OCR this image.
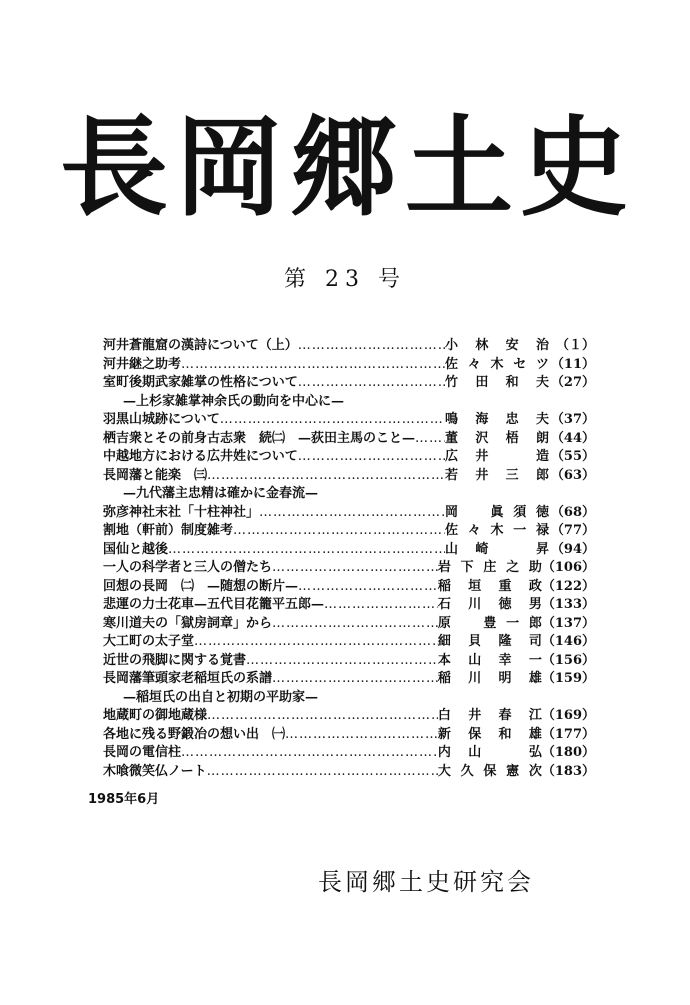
長 岡 郷 土 史
第 23 号
河井蒼龍窟の漢詩について（上） ……………………………………………………………………………………………………………………………………………………………………	小林安治 （１）
河井継之助考 ……………………………………………………………………………………………………………………………………………………………………	佐々木セツ （11）
室町後期武家雑掌の性格について ……………………………………………………………………………………………………………………………………………………………………	竹田和夫 （27）
—上杉家雑掌神余氏の動向を中心に—
羽黒山城跡について ……………………………………………………………………………………………………………………………………………………………………	鳴海忠夫 （37）
栖吉衆とその前身古志衆　続㈡　—荻田主馬のこと— …………………………………………………………………………………………………………………………………………………………………… 董沢梧朗 （44）
中越地方における広井姓について ……………………………………………………………………………………………………………………………………………………………………	広井　造 （55）
長岡藩と能楽　㈢ ……………………………………………………………………………………………………………………………………………………………………	若井三郎 （63）
—九代藩主忠精は確かに金春流—
弥彦神社末社「十柱神社」 ……………………………………………………………………………………………………………………………………………………………………	岡　眞須徳 （68）
割地（軒前）制度雑考 ……………………………………………………………………………………………………………………………………………………………………	佐々木一禄 （77）
国仙と越後 ……………………………………………………………………………………………………………………………………………………………………	山崎　昇 （94）
一人の科学者と三人の僧たち ……………………………………………………………………………………………………………………………………………………………………	岩下庄之助 （106）
回想の長岡　㈡　—随想の断片— ……………………………………………………………………………………………………………………………………………………………………	稲垣重政 （122）
悲運の力士花車—五代目花籠平五郎— ……………………………………………………………………………………………………………………………………………………………………	石川徳男 （133）
寒川道夫の「獄房詞章」から ……………………………………………………………………………………………………………………………………………………………………	原　豊一郎 （137）
大工町の太子堂 ……………………………………………………………………………………………………………………………………………………………………	細貝隆司 （146）
近世の飛脚に関する覚書 ……………………………………………………………………………………………………………………………………………………………………	本山幸一 （156）
長岡藩筆頭家老稲垣氏の系譜 ……………………………………………………………………………………………………………………………………………………………………	稲川明雄 （159）
—稲垣氏の出自と初期の平助家—
地蔵町の御地蔵様 ……………………………………………………………………………………………………………………………………………………………………	白井春江 （169）
各地に残る野鍛冶の想い出　㈠ ……………………………………………………………………………………………………………………………………………………………………	新保和雄 （177）
長岡の電信柱 ……………………………………………………………………………………………………………………………………………………………………	内山　弘 （180）
木喰微笑仏ノート ……………………………………………………………………………………………………………………………………………………………………	大久保憲次 （183）
1985年6月
長岡郷土史研究会
